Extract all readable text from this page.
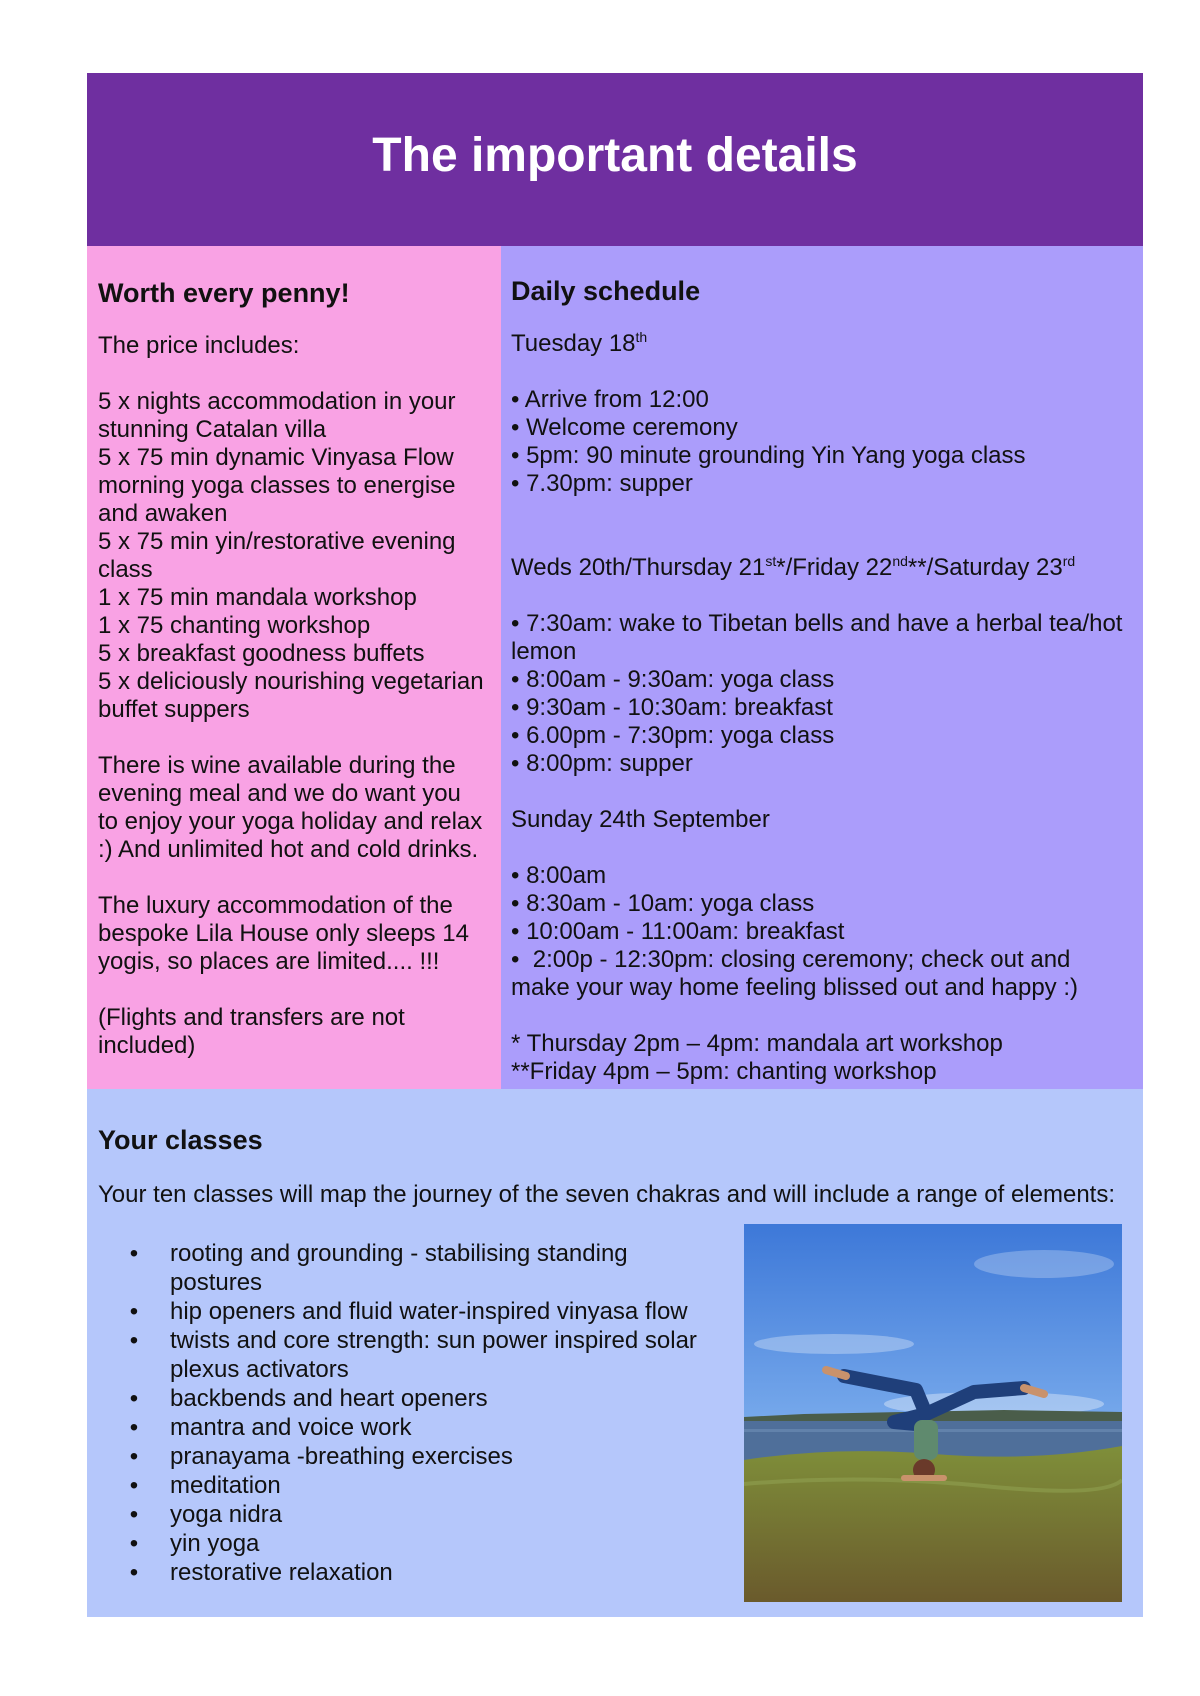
The important details
Worth every penny!
The price includes:
5 x nights accommodation in your
stunning Catalan villa
5 x 75 min dynamic Vinyasa Flow
morning yoga classes to energise
and awaken
5 x 75 min yin/restorative evening
class
1 x 75 min mandala workshop
1 x 75 chanting workshop
5 x breakfast goodness buffets
5 x deliciously nourishing vegetarian
buffet suppers
There is wine available during the
evening meal and we do want you
to enjoy your yoga holiday and relax
:) And unlimited hot and cold drinks.
The luxury accommodation of the
bespoke Lila House only sleeps 14
yogis, so places are limited.... !!!
(Flights and transfers are not
included)
Daily schedule
Tuesday 18th
• Arrive from 12:00
• Welcome ceremony
• 5pm: 90 minute grounding Yin Yang yoga class
• 7.30pm: supper
Weds 20th/Thursday 21st*/Friday 22nd**/Saturday 23rd
• 7:30am: wake to Tibetan bells and have a herbal tea/hot
lemon
• 8:00am - 9:30am: yoga class
• 9:30am - 10:30am: breakfast
• 6.00pm - 7:30pm: yoga class
• 8:00pm: supper
Sunday 24th September
• 8:00am
• 8:30am - 10am: yoga class
• 10:00am - 11:00am: breakfast
•  2:00p - 12:30pm: closing ceremony; check out and
make your way home feeling blissed out and happy :)
* Thursday 2pm – 4pm: mandala art workshop
**Friday 4pm – 5pm: chanting workshop
Your classes
Your ten classes will map the journey of the seven chakras and will include a range of elements:
•	rooting and grounding - stabilising standing
postures
•	hip openers and fluid water-inspired vinyasa flow
•	twists and core strength: sun power inspired solar
plexus activators
•	backbends and heart openers
•	mantra and voice work
•	pranayama -breathing exercises
•	meditation
•	yoga nidra
•	yin yoga
•	restorative relaxation
